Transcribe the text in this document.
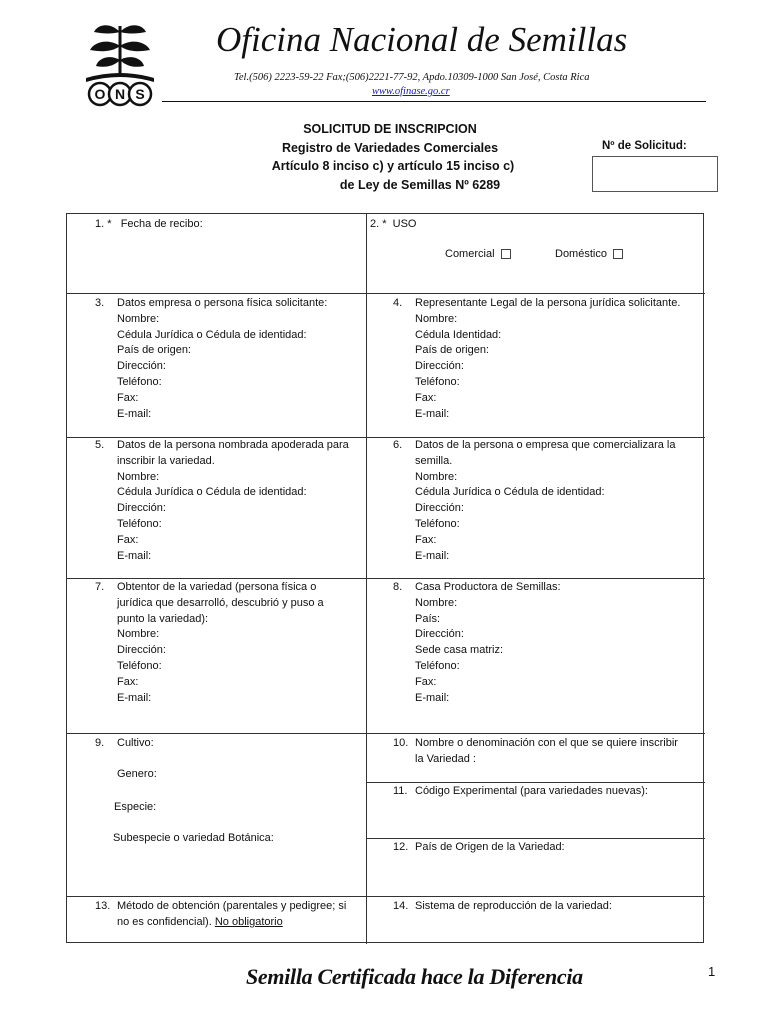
O N S
Oficina Nacional de Semillas
Tel.(506) 2223-59-22 Fax;(506)2221-77-92, Apdo.10309-1000 San José, Costa Rica
www.ofinase.go.cr
SOLICITUD DE INSCRIPCION
Registro de Variedades Comerciales
Artículo 8 inciso c) y artículo 15 inciso c)
de Ley de Semillas Nº 6289
Nº de Solicitud:
1. * Fecha de recibo:	2. * USO
Comercial	Doméstico
3.	Datos empresa o persona física solicitante:
Nombre:
Cédula Jurídica o Cédula de identidad:
País de origen:
Dirección:
Teléfono:
Fax:
E-mail:
4.	Representante Legal de la persona jurídica solicitante.
Nombre:
Cédula Identidad:
País de origen:
Dirección:
Teléfono:
Fax:
E-mail:
5.	Datos de la persona nombrada apoderada para
inscribir la variedad.
Nombre:
Cédula Jurídica o Cédula de identidad:
Dirección:
Teléfono:
Fax:
E-mail:
6.	Datos de la persona o empresa que comercializara la
semilla.
Nombre:
Cédula Jurídica o Cédula de identidad:
Dirección:
Teléfono:
Fax:
E-mail:
7.	Obtentor de la variedad (persona física o
jurídica que desarrolló, descubrió y puso a
punto la variedad):
Nombre:
Dirección:
Teléfono:
Fax:
E-mail:
8.	Casa Productora de Semillas:
Nombre:
País:
Dirección:
Sede casa matriz:
Teléfono:
Fax:
E-mail:
9.	Cultivo:
Genero:
Especie:
Subespecie o variedad Botánica:
10. Nombre o denominación con el que se quiere inscribir
la Variedad :
11. Código Experimental (para variedades nuevas):
12. País de Origen de la Variedad:
13. Método de obtención (parentales y pedigree; si
no es confidencial). No obligatorio
14. Sistema de reproducción de la variedad:
Semilla Certificada hace la Diferencia	1
